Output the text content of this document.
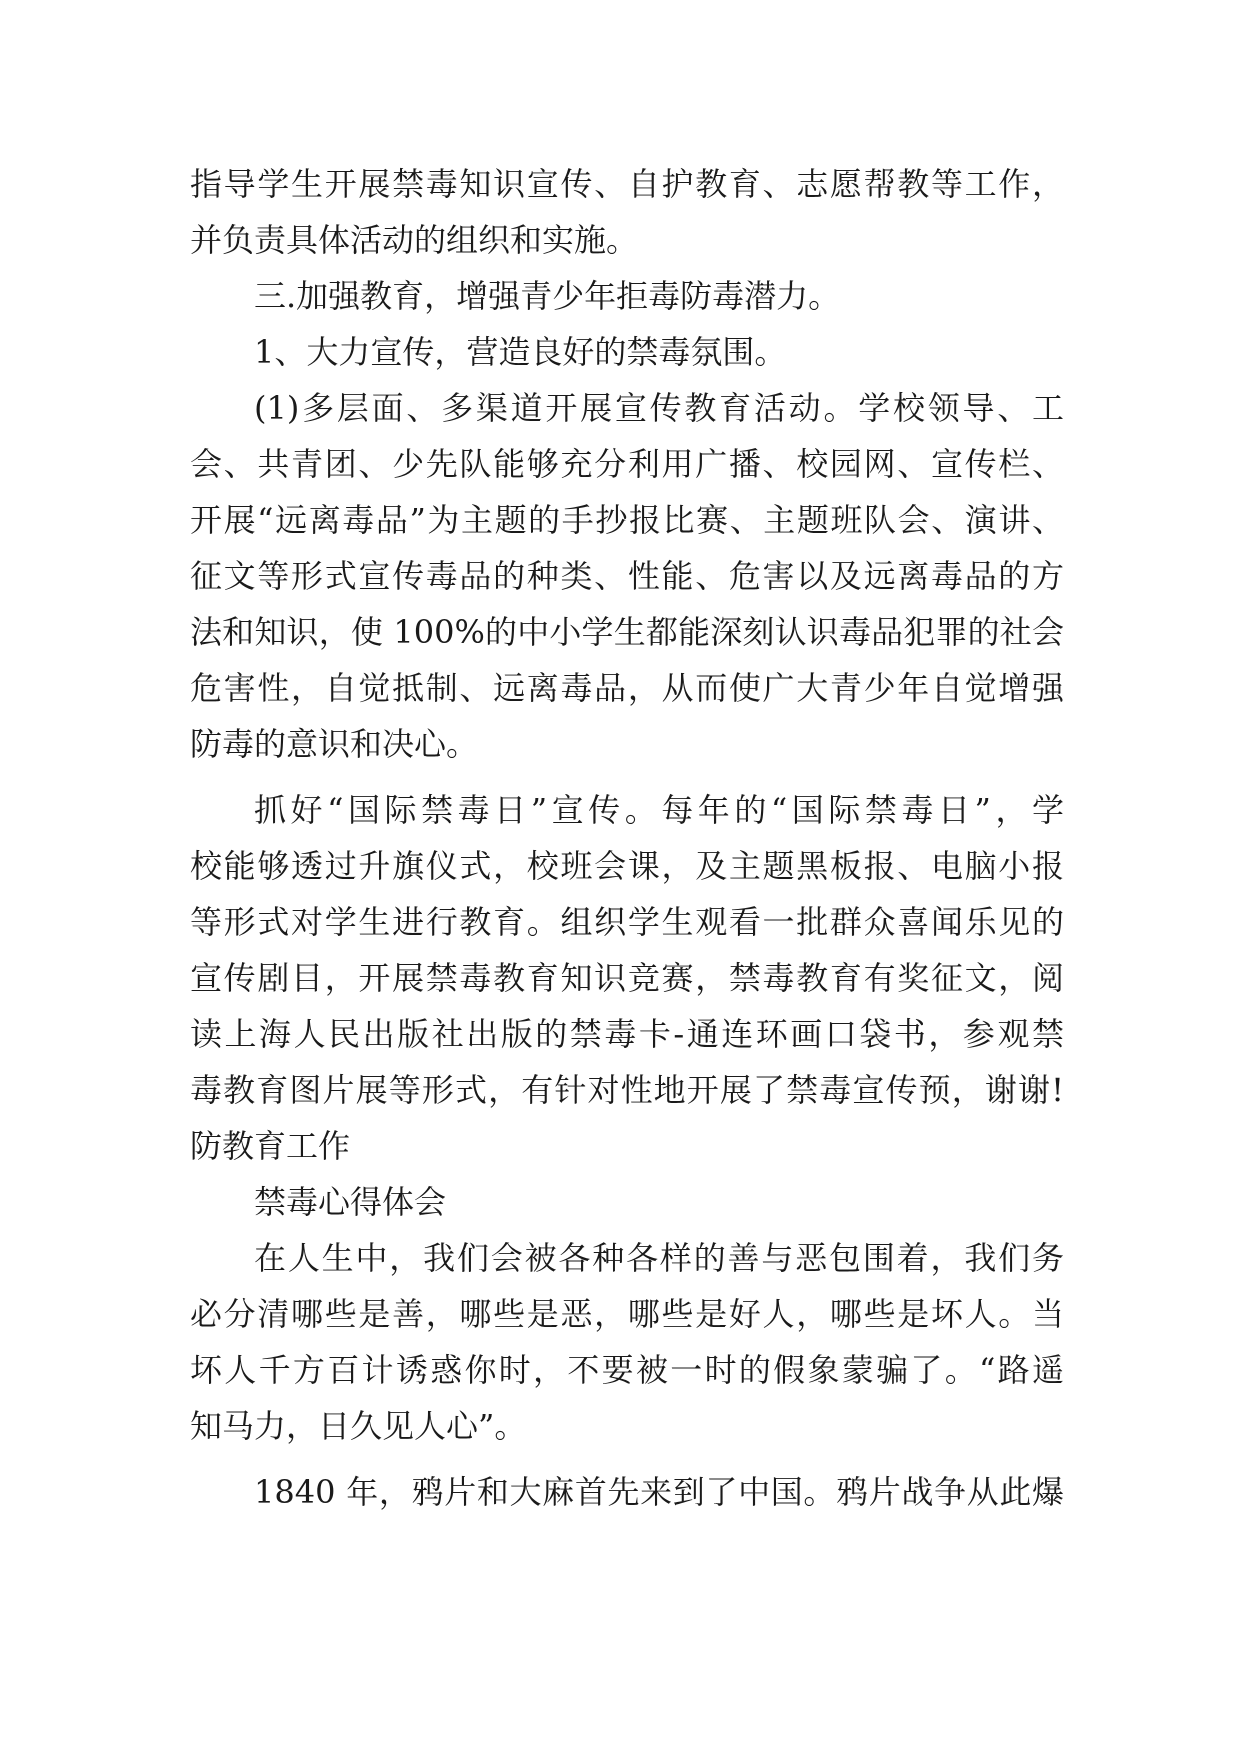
指导学生开展禁毒知识宣传、自护教育、志愿帮教等工作，
并负责具体活动的组织和实施。
三.加强教育，增强青少年拒毒防毒潜力。
1、大力宣传，营造良好的禁毒氛围。
(1)多层面、多渠道开展宣传教育活动。学校领导、工
会、共青团、少先队能够充分利用广播、校园网、宣传栏、
开展“远离毒品”为主题的手抄报比赛、主题班队会、演讲、
征文等形式宣传毒品的种类、性能、危害以及远离毒品的方
法和知识，使 100%的中小学生都能深刻认识毒品犯罪的社会
危害性，自觉抵制、远离毒品，从而使广大青少年自觉增强
防毒的意识和决心。
抓好“国际禁毒日”宣传。每年的“国际禁毒日”，学
校能够透过升旗仪式，校班会课，及主题黑板报、电脑小报
等形式对学生进行教育。组织学生观看一批群众喜闻乐见的
宣传剧目，开展禁毒教育知识竞赛，禁毒教育有奖征文，阅
读上海人民出版社出版的禁毒卡-通连环画口袋书，参观禁
毒教育图片展等形式，有针对性地开展了禁毒宣传预，谢谢!
防教育工作
禁毒心得体会
在人生中，我们会被各种各样的善与恶包围着，我们务
必分清哪些是善，哪些是恶，哪些是好人，哪些是坏人。当
坏人千方百计诱惑你时，不要被一时的假象蒙骗了。“路遥
知马力，日久见人心”。
1840 年，鸦片和大麻首先来到了中国。鸦片战争从此爆
